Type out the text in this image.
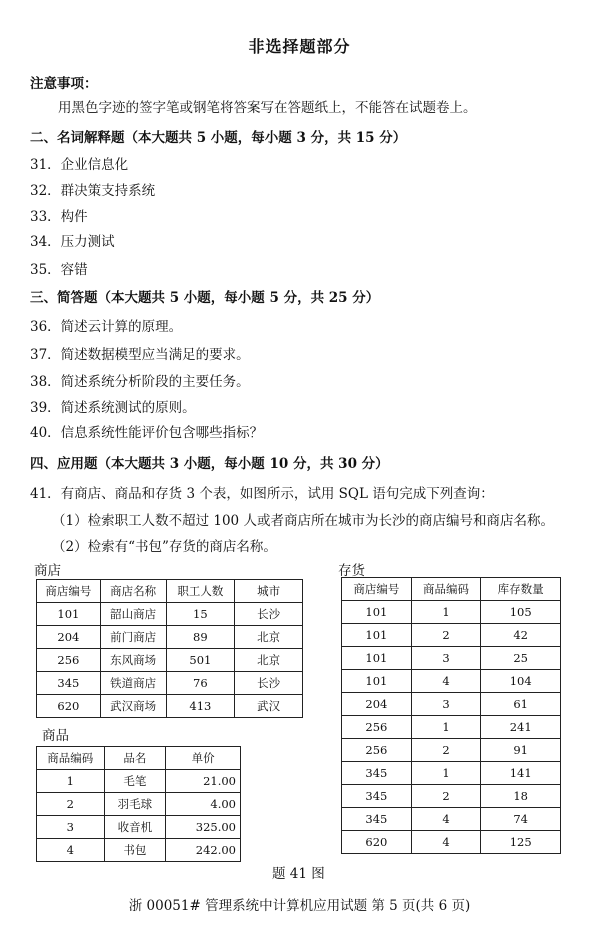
非选择题部分
注意事项：
用黑色字迹的签字笔或钢笔将答案写在答题纸上，不能答在试题卷上。
二、名词解释题（本大题共 5 小题，每小题 3 分，共 15 分）
31．企业信息化
32．群决策支持系统
33．构件
34．压力测试
35．容错
三、简答题（本大题共 5 小题，每小题 5 分，共 25 分）
36．简述云计算的原理。
37．简述数据模型应当满足的要求。
38．简述系统分析阶段的主要任务。
39．简述系统测试的原则。
40．信息系统性能评价包含哪些指标？
四、应用题（本大题共 3 小题，每小题 10 分，共 30 分）
41．有商店、商品和存货 3 个表，如图所示，试用 SQL 语句完成下列查询：
（1）检索职工人数不超过 100 人或者商店所在城市为长沙的商店编号和商店名称。
（2）检索有“书包”存货的商店名称。
商店
商店编号	商店名称	职工人数	城市
101	韶山商店	15	长沙
204	前门商店	89	北京
256	东风商场	501	北京
345	铁道商店	76	长沙
620	武汉商场	413	武汉
商品
商品编码	品名	单价
1	毛笔	21.00
2	羽毛球	4.00
3	收音机	325.00
4	书包	242.00
存货
商店编号	商品编码	库存数量
101	1	105
101	2	42
101	3	25
101	4	104
204	3	61
256	1	241
256	2	91
345	1	141
345	2	18
345	4	74
620	4	125
题 41 图
浙 00051# 管理系统中计算机应用试题 第 5 页(共 6 页)
